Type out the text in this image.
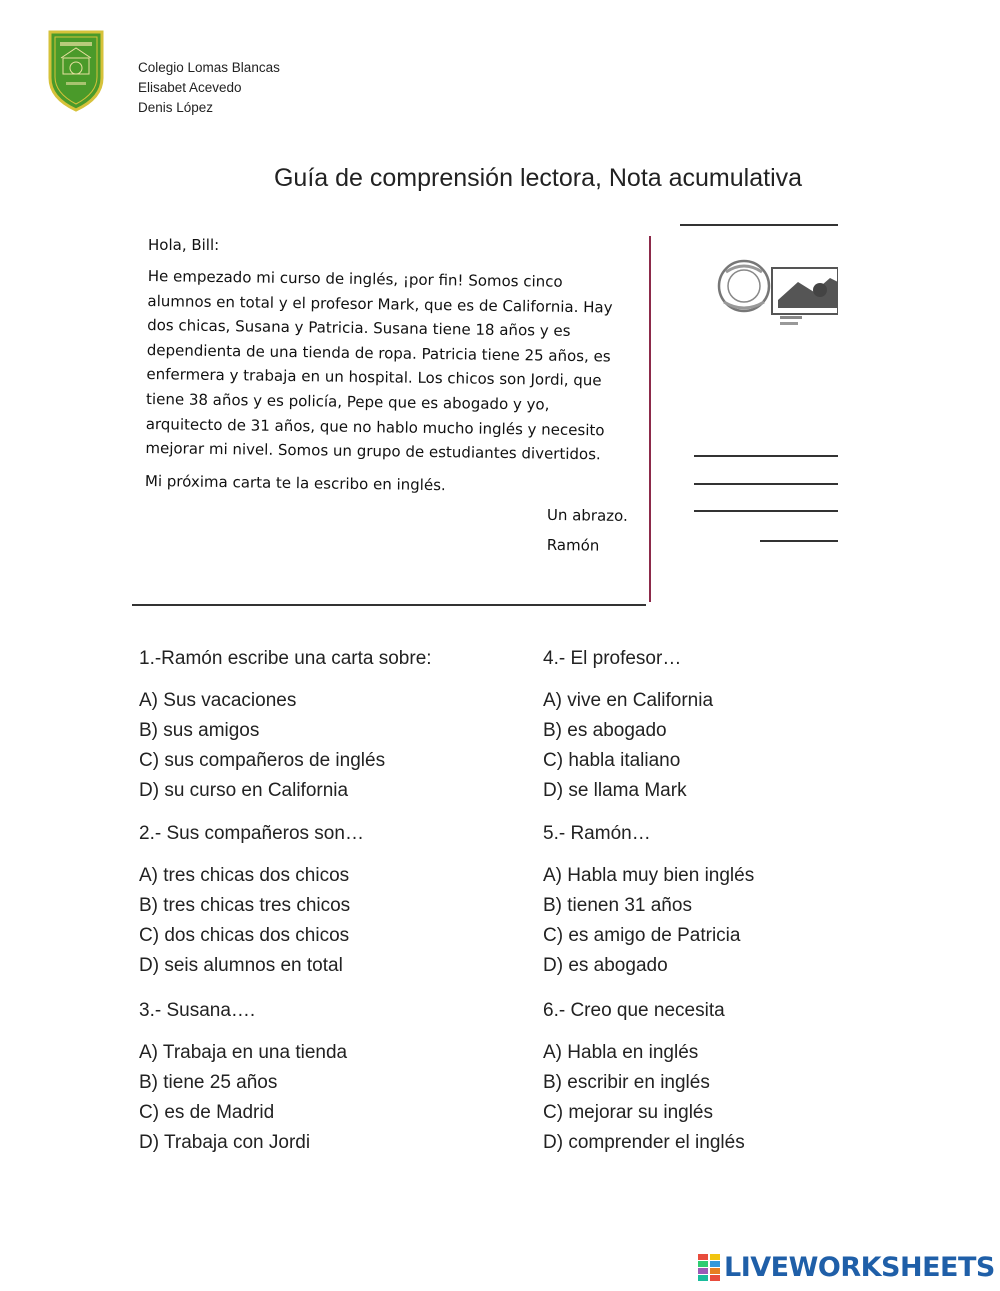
Colegio Lomas Blancas
Elisabet Acevedo
Denis López
Guía de comprensión lectora, Nota acumulativa
Hola, Bill:
He empezado mi curso de inglés, ¡por fin! Somos cinco alumnos en total y el profesor Mark, que es de California. Hay dos chicas, Susana y Patricia. Susana tiene 18 años y es dependienta de una tienda de ropa. Patricia tiene 25 años, es enfermera y trabaja en un hospital. Los chicos son Jordi, que tiene 38 años y es policía, Pepe que es abogado y yo, arquitecto de 31 años, que no hablo mucho inglés y necesito mejorar mi nivel. Somos un grupo de estudiantes divertidos.
Mi próxima carta te la escribo en inglés.
Un abrazo.
Ramón
1.-Ramón escribe una carta sobre:
A) Sus vacaciones
B) sus amigos
C) sus compañeros de inglés
D) su curso en California
2.- Sus compañeros son…
A) tres chicas dos chicos
B) tres chicas tres chicos
C) dos chicas dos chicos
D) seis alumnos en total
3.- Susana….
A) Trabaja en una tienda
B) tiene 25 años
C) es de Madrid
D) Trabaja con Jordi
4.- El profesor…
A) vive en California
B) es abogado
C) habla italiano
D) se llama Mark
5.- Ramón…
A) Habla muy bien inglés
B) tienen 31 años
C) es amigo de Patricia
D) es abogado
6.- Creo que necesita
A) Habla en inglés
B) escribir en inglés
C) mejorar su inglés
D) comprender el inglés
LIVEWORKSHEETS
